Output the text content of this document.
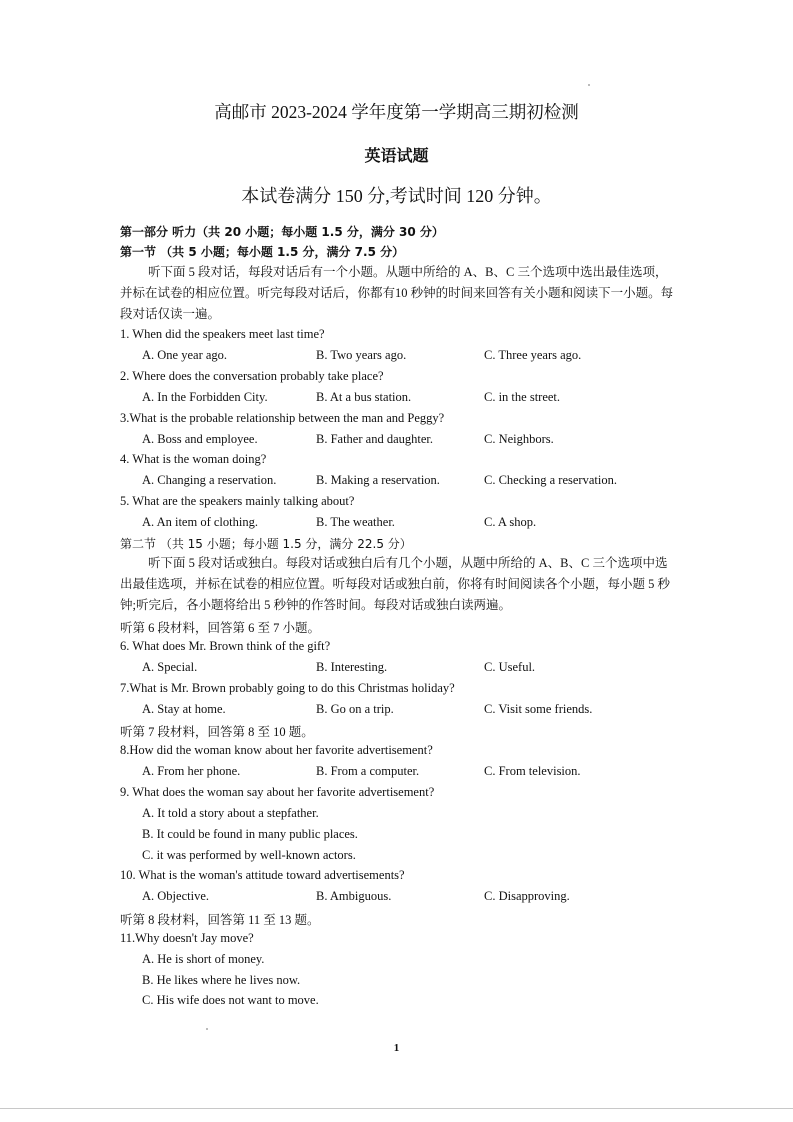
高邮市 2023-2024 学年度第一学期高三期初检测
英语试题
本试卷满分 150 分,考试时间 120 分钟。
第一部分 听力（共 20 小题；每小题 1.5 分，满分 30 分）
第一节 （共 5 小题；每小题 1.5 分，满分 7.5 分）
听下面 5 段对话，每段对话后有一个小题。从题中所给的 A、B、C 三个选项中选出最佳选项，并标在试卷的相应位置。听完每段对话后，你都有10 秒钟的时间来回答有关小题和阅读下一小题。每段对话仅读一遍。
1. When did the speakers meet last time?
A. One year ago.	B. Two years ago.	C. Three years ago.
2. Where does the conversation probably take place?
A. In the Forbidden City.	B. At a bus station.	C. in the street.
3.What is the probable relationship between the man and Peggy?
A. Boss and employee.	B. Father and daughter.	C. Neighbors.
4. What is the woman doing?
A. Changing a reservation.	B. Making a reservation.	C. Checking a reservation.
5. What are the speakers mainly talking about?
A. An item of clothing.	B. The weather.	C. A shop.
第二节 （共 15 小题；每小题 1.5 分，满分 22.5 分）
听下面 5 段对话或独白。每段对话或独白后有几个小题，从题中所给的 A、B、C 三个选项中选出最佳选项，并标在试卷的相应位置。听每段对话或独白前，你将有时间阅读各个小题，每小题 5 秒钟;听完后，各小题将给出 5 秒钟的作答时间。每段对话或独白读两遍。
听第 6 段材料，回答第 6 至 7 小题。
6. What does Mr. Brown think of the gift?
A. Special.	B. Interesting.	C. Useful.
7.What is Mr. Brown probably going to do this Christmas holiday?
A. Stay at home.	B. Go on a trip.	C. Visit some friends.
听第 7 段材料，回答第 8 至 10 题。
8.How did the woman know about her favorite advertisement?
A. From her phone.	B. From a computer.	C. From television.
9. What does the woman say about her favorite advertisement?
A. It told a story about a stepfather.
B. It could be found in many public places.
C. it was performed by well-known actors.
10. What is the woman's attitude toward advertisements?
A. Objective.	B. Ambiguous.	C. Disapproving.
听第 8 段材料，回答第 11 至 13 题。
11.Why doesn't Jay move?
A. He is short of money.
B. He likes where he lives now.
C. His wife does not want to move.
1
